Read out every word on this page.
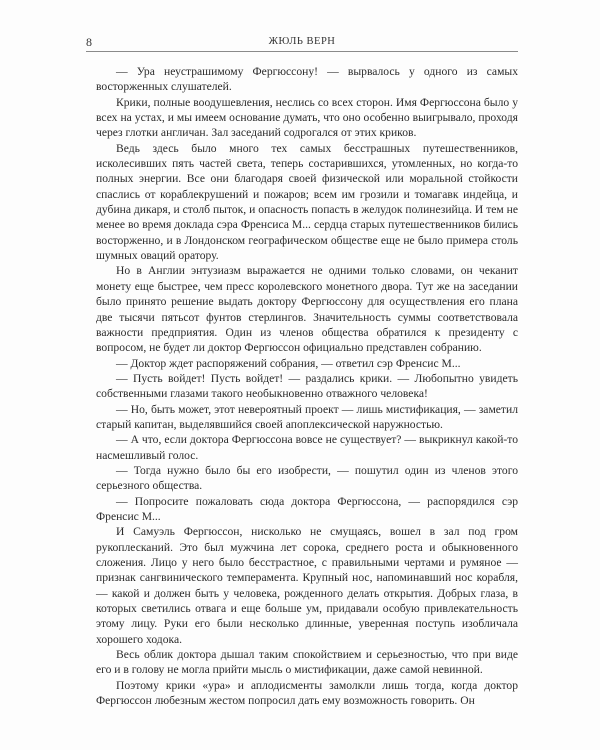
8	ЖЮЛЬ ВЕРН

— Ура неустрашимому Фергюссону! — вырвалось у одного из самых восторженных слушателей.

Крики, полные воодушевления, неслись со всех сторон. Имя Фергюссона было у всех на устах, и мы имеем основание думать, что оно особенно выигрывало, проходя через глотки англичан. Зал заседаний содрогался от этих криков.

Ведь здесь было много тех самых бесстрашных путешественников, исколесивших пять частей света, теперь состарившихся, утомленных, но когда-то полных энергии. Все они благодаря своей физической или моральной стойкости спаслись от кораблекрушений и пожаров; всем им грозили и томагавк индейца, и дубина дикаря, и столб пыток, и опасность попасть в желудок полинезийца. И тем не менее во время доклада сэра Френсиса М... сердца старых путешественников бились восторженно, и в Лондонском географическом обществе еще не было примера столь шумных оваций оратору.

Но в Англии энтузиазм выражается не одними только словами, он чеканит монету еще быстрее, чем пресс королевского монетного двора. Тут же на заседании было принято решение выдать доктору Фергюссону для осуществления его плана две тысячи пятьсот фунтов стерлингов. Значительность суммы соответствовала важности предприятия. Один из членов общества обратился к президенту с вопросом, не будет ли доктор Фергюссон официально представлен собранию.

— Доктор ждет распоряжений собрания, — ответил сэр Френсис М...

— Пусть войдет! Пусть войдет! — раздались крики. — Любопытно увидеть собственными глазами такого необыкновенно отважного человека!

— Но, быть может, этот невероятный проект — лишь мистификация, — заметил старый капитан, выделявшийся своей апоплексической наружностью.

— А что, если доктора Фергюссона вовсе не существует? — выкрикнул какой-то насмешливый голос.

— Тогда нужно было бы его изобрести, — пошутил один из членов этого серьезного общества.

— Попросите пожаловать сюда доктора Фергюссона, — распорядился сэр Френсис М...

И Самуэль Фергюссон, нисколько не смущаясь, вошел в зал под гром рукоплесканий. Это был мужчина лет сорока, среднего роста и обыкновенного сложения. Лицо у него было бесстрастное, с правильными чертами и румяное — признак сангвинического темперамента. Крупный нос, напоминавший нос корабля, — какой и должен быть у человека, рожденного делать открытия. Добрых глаза, в которых светились отвага и еще больше ум, придавали особую привлекательность этому лицу. Руки его были несколько длинные, уверенная поступь изобличала хорошего ходока.

Весь облик доктора дышал таким спокойствием и серьезностью, что при виде его и в голову не могла прийти мысль о мистификации, даже самой невинной.

Поэтому крики «ура» и аплодисменты замолкли лишь тогда, когда доктор Фергюссон любезным жестом попросил дать ему возможность говорить. Он
